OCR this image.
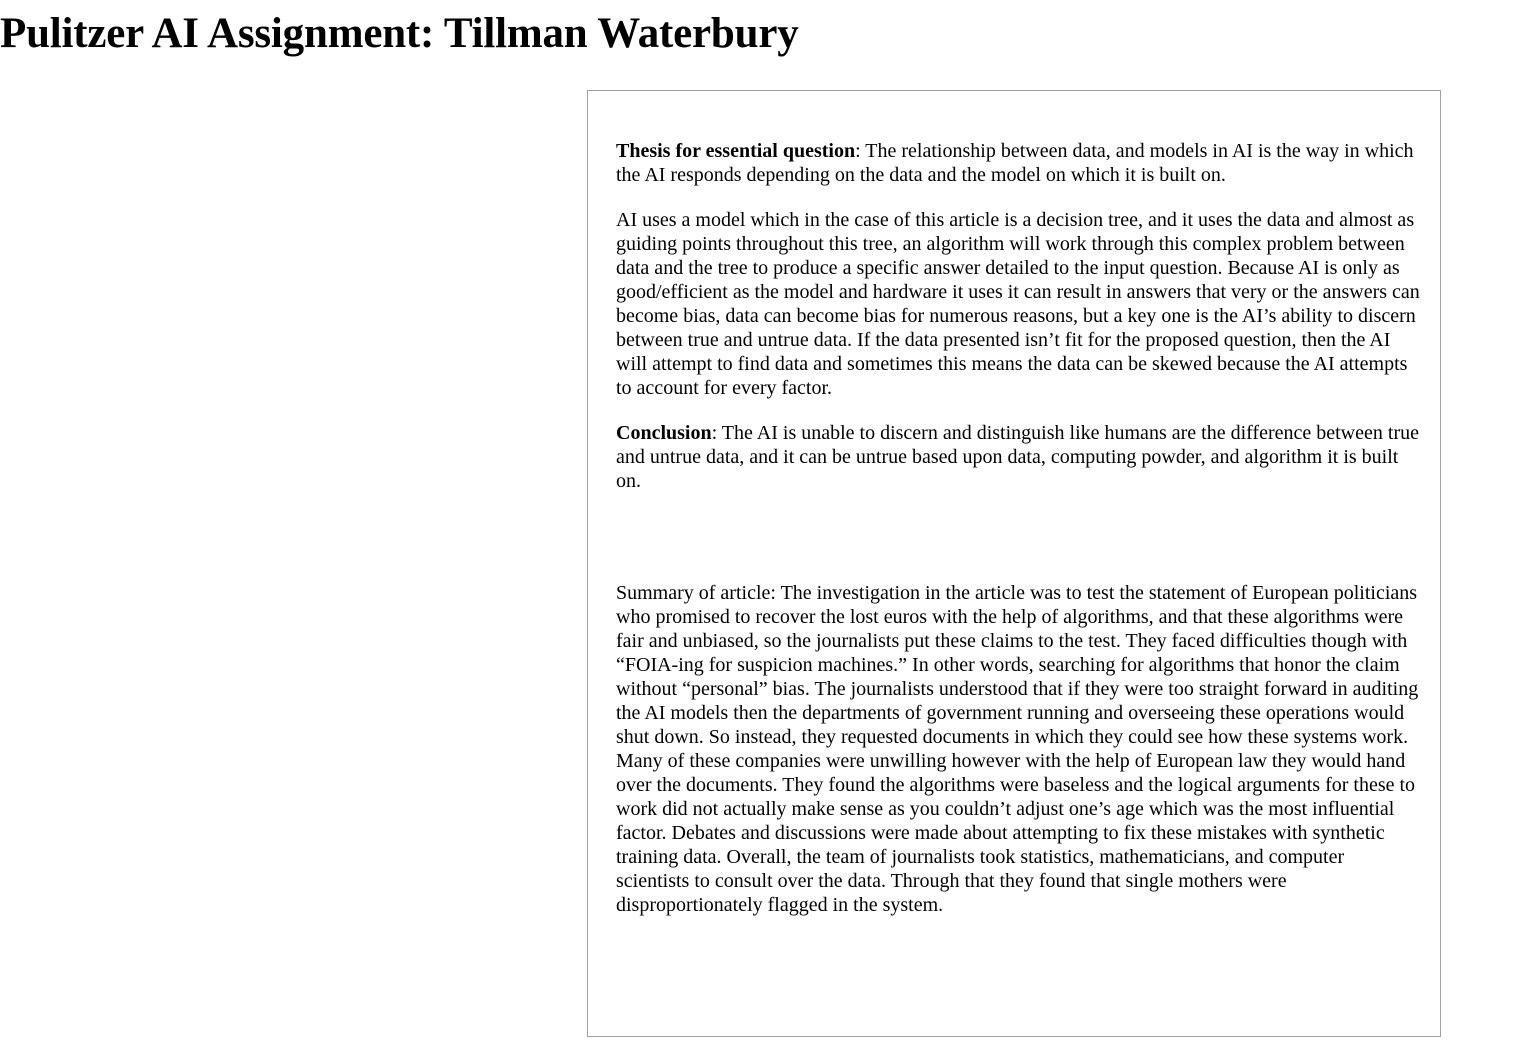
Pulitzer AI Assignment: Tillman Waterbury

Thesis for essential question: The relationship between data, and models in AI is the way in which the AI responds depending on the data and the model on which it is built on.

AI uses a model which in the case of this article is a decision tree, and it uses the data and almost as guiding points throughout this tree, an algorithm will work through this complex problem between data and the tree to produce a specific answer detailed to the input question. Because AI is only as good/efficient as the model and hardware it uses it can result in answers that very or the answers can become bias, data can become bias for numerous reasons, but a key one is the AI’s ability to discern between true and untrue data. If the data presented isn’t fit for the proposed question, then the AI will attempt to find data and sometimes this means the data can be skewed because the AI attempts to account for every factor.

Conclusion: The AI is unable to discern and distinguish like humans are the difference between true and untrue data, and it can be untrue based upon data, computing powder, and algorithm it is built on.

Summary of article: The investigation in the article was to test the statement of European politicians who promised to recover the lost euros with the help of algorithms, and that these algorithms were fair and unbiased, so the journalists put these claims to the test. They faced difficulties though with “FOIA-ing for suspicion machines.” In other words, searching for algorithms that honor the claim without “personal” bias. The journalists understood that if they were too straight forward in auditing the AI models then the departments of government running and overseeing these operations would shut down. So instead, they requested documents in which they could see how these systems work. Many of these companies were unwilling however with the help of European law they would hand over the documents. They found the algorithms were baseless and the logical arguments for these to work did not actually make sense as you couldn’t adjust one’s age which was the most influential factor. Debates and discussions were made about attempting to fix these mistakes with synthetic training data. Overall, the team of journalists took statistics, mathematicians, and computer scientists to consult over the data. Through that they found that single mothers were disproportionately flagged in the system.
